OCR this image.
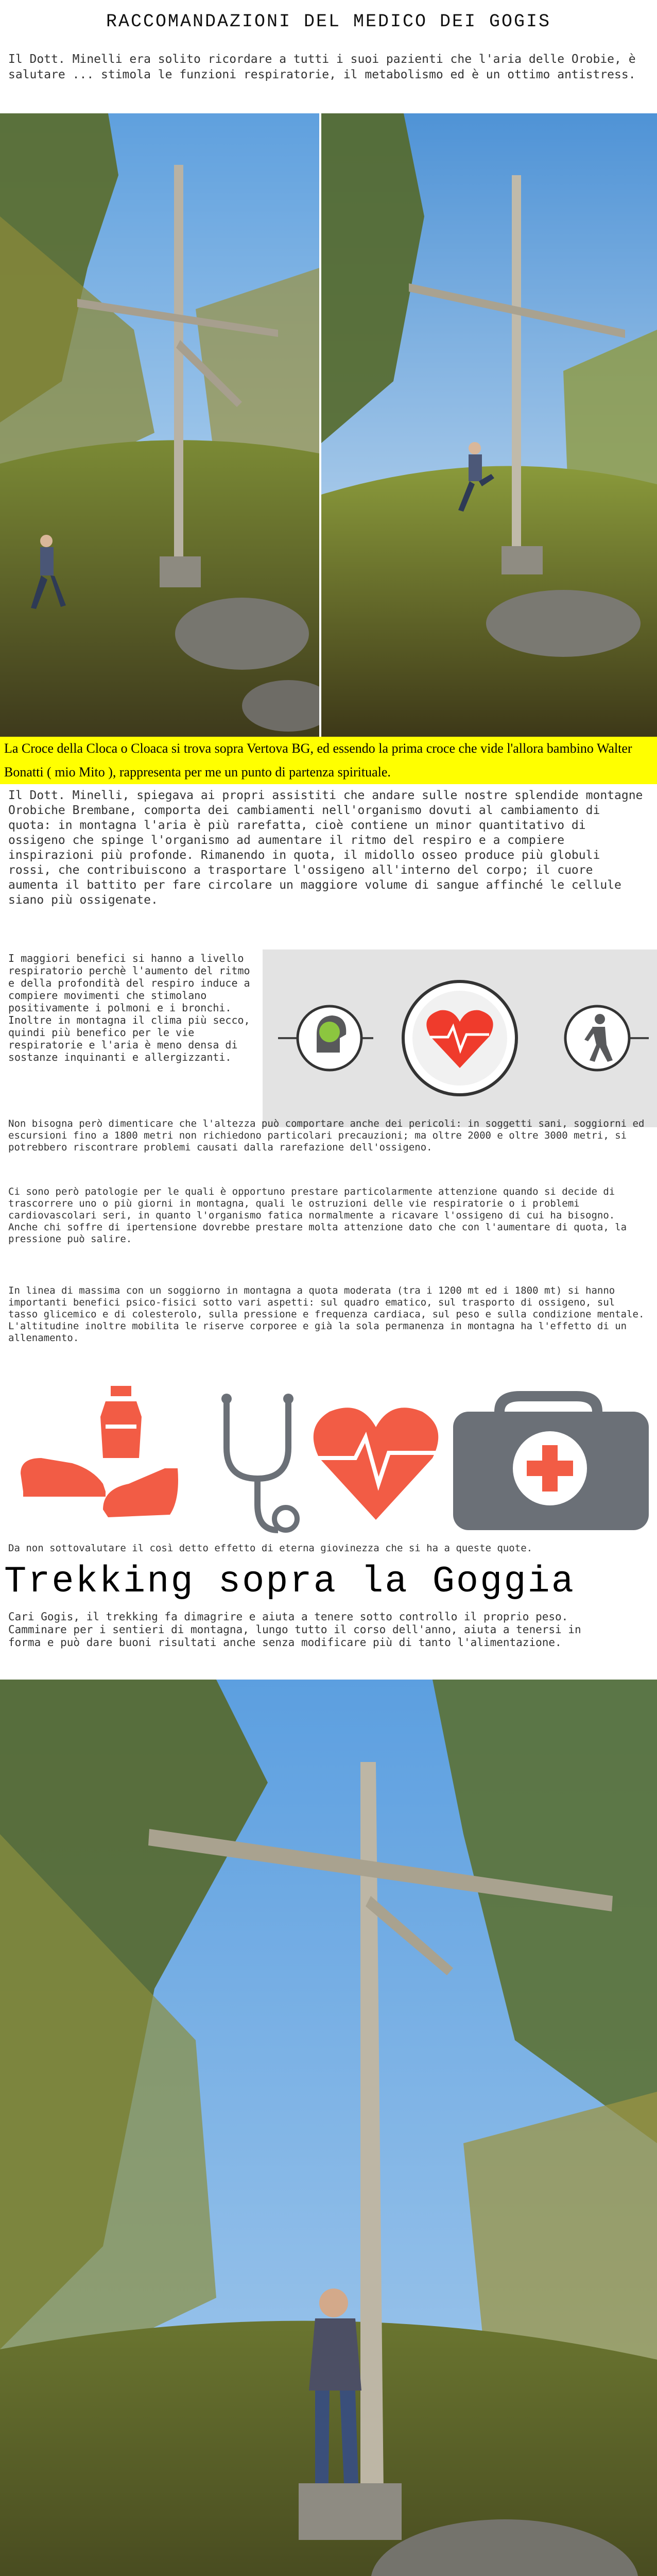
RACCOMANDAZIONI DEL MEDICO DEI GOGIS
Il Dott. Minelli era solito ricordare a tutti i suoi pazienti che l'aria delle Orobie, è salutare ... stimola le funzioni respiratorie, il metabolismo ed è un ottimo antistress.
La Croce della Cloca o Cloaca si trova sopra Vertova BG, ed essendo la prima croce che vide l'allora bambino Walter Bonatti ( mio Mito ), rappresenta per me un punto di partenza spirituale.
Il Dott. Minelli, spiegava ai propri assistiti che andare sulle nostre splendide montagne Orobiche Brembane, comporta dei cambiamenti nell'organismo dovuti al cambiamento di quota: in montagna l'aria è più rarefatta, cioè contiene un minor quantitativo di ossigeno che spinge l'organismo ad aumentare il ritmo del respiro e a compiere inspirazioni più profonde. Rimanendo in quota, il midollo osseo produce più globuli rossi, che contribuiscono a trasportare l'ossigeno all'interno del corpo; il cuore aumenta il battito per fare circolare un maggiore volume di sangue affinché le cellule siano più ossigenate.
I maggiori benefici si hanno a livello respiratorio perchè l'aumento del ritmo e della profondità del respiro induce a compiere movimenti che stimolano positivamente i polmoni e i bronchi. Inoltre in montagna il clima più secco, quindi più benefico per le vie respiratorie e l'aria è meno densa di sostanze inquinanti e allergizzanti.
Non bisogna però dimenticare che l'altezza può comportare anche dei pericoli: in soggetti sani, soggiorni ed escursioni fino a 1800 metri non richiedono particolari precauzioni; ma oltre 2000 e oltre 3000 metri, si potrebbero riscontrare problemi causati dalla rarefazione dell'ossigeno.
Ci sono però patologie per le quali è opportuno prestare particolarmente attenzione quando si decide di trascorrere uno o più giorni in montagna, quali le ostruzioni delle vie respiratorie o i problemi cardiovascolari seri, in quanto l'organismo fatica normalmente a ricavare l'ossigeno di cui ha bisogno. Anche chi soffre di ipertensione dovrebbe prestare molta attenzione dato che con l'aumentare di quota, la pressione può salire.
In linea di massima con un soggiorno in montagna a quota moderata (tra i 1200 mt ed i 1800 mt) si hanno importanti benefici psico-fisici sotto vari aspetti: sul quadro ematico, sul trasporto di ossigeno, sul tasso glicemico e di colesterolo, sulla pressione e frequenza cardiaca, sul peso e sulla condizione mentale. L'altitudine inoltre mobilita le riserve corporee e già la sola permanenza in montagna ha l'effetto di un allenamento.
Da non sottovalutare il così detto effetto di eterna giovinezza che si ha a queste quote.
Trekking sopra la Goggia
Cari Gogis, il trekking fa dimagrire e aiuta a tenere sotto controllo il proprio peso. Camminare per i sentieri di montagna, lungo tutto il corso dell'anno, aiuta a tenersi in forma e può dare buoni risultati anche senza modificare più di tanto l'alimentazione.
